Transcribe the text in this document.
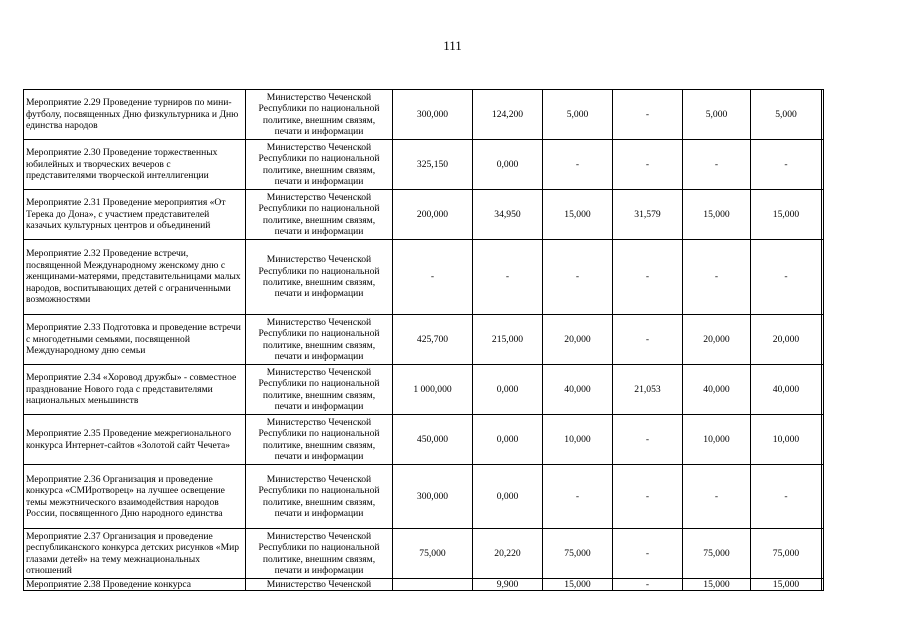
111
Мероприятие 2.29 Проведение турниров по мини-футболу, посвященных Дню физкультурника и Дню единства народов	Министерство Чеченской Республики по национальной политике, внешним связям, печати и информации	300,000	124,200	5,000	-	5,000	5,000	
Мероприятие 2.30 Проведение торжественных юбилейных и творческих вечеров с представителями творческой интеллигенции	Министерство Чеченской Республики по национальной политике, внешним связям, печати и информации	325,150	0,000	-	-	-	-	
Мероприятие 2.31 Проведение мероприятия «От Терека до Дона», с участием представителей казачьих культурных центров и объединений	Министерство Чеченской Республики по национальной политике, внешним связям, печати и информации	200,000	34,950	15,000	31,579	15,000	15,000	
Мероприятие 2.32 Проведение встречи, посвященной Международному женскому дню с женщинами-матерями, представительницами малых народов, воспитывающих детей с ограниченными возможностями	Министерство Чеченской Республики по национальной политике, внешним связям, печати и информации	-	-	-	-	-	-	
Мероприятие 2.33 Подготовка и проведение встречи с многодетными семьями, посвященной Международному дню семьи	Министерство Чеченской Республики по национальной политике, внешним связям, печати и информации	425,700	215,000	20,000	-	20,000	20,000	
Мероприятие 2.34 «Хоровод дружбы» - совместное празднование Нового года с представителями национальных меньшинств	Министерство Чеченской Республики по национальной политике, внешним связям, печати и информации	1 000,000	0,000	40,000	21,053	40,000	40,000	
Мероприятие 2.35 Проведение межрегионального конкурса Интернет-сайтов «Золотой сайт Чечета»	Министерство Чеченской Республики по национальной политике, внешним связям, печати и информации	450,000	0,000	10,000	-	10,000	10,000	
Мероприятие 2.36 Организация и проведение конкурса «СМИротворец» на лучшее освещение темы межэтнического взаимодействия народов России, посвященного Дню народного единства	Министерство Чеченской Республики по национальной политике, внешним связям, печати и информации	300,000	0,000	-	-	-	-	
Мероприятие 2.37 Организация и проведение республиканского конкурса детских рисунков «Мир глазами детей» на тему межнациональных отношений	Министерство Чеченской Республики по национальной политике, внешним связям, печати и информации	75,000	20,220	75,000	-	75,000	75,000	
Мероприятие 2.38 Проведение конкурса	Министерство Чеченской		9,900	15,000	-	15,000	15,000	
